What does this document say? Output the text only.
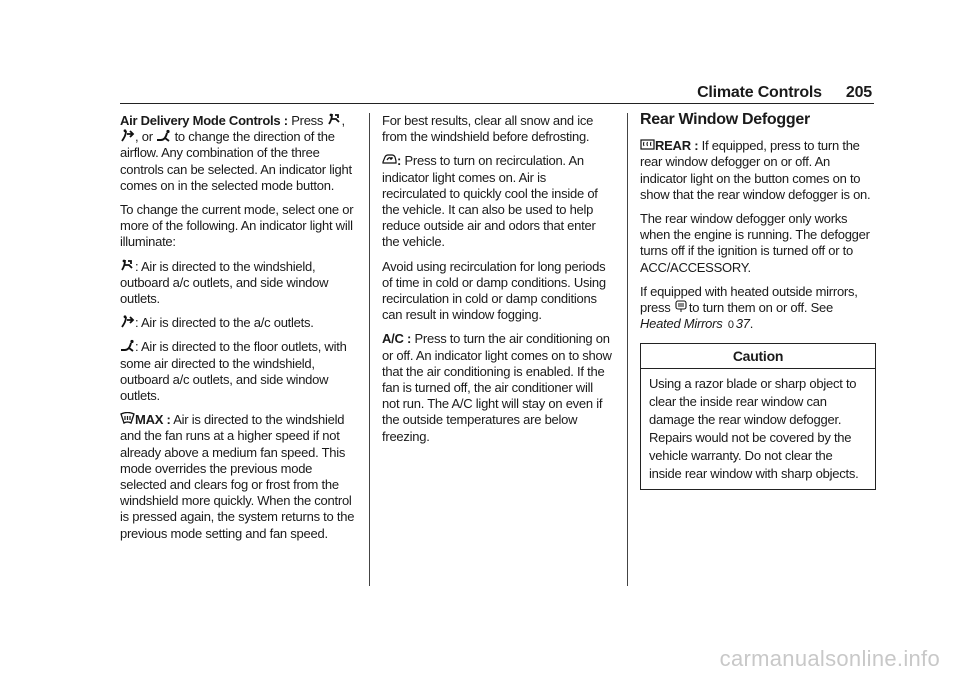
Climate Controls 205

Air Delivery Mode Controls : Press ,
, or to change the direction of the airflow. Any combination of the three controls can be selected. An indicator light comes on in the selected mode button.

To change the current mode, select one or more of the following. An indicator light will illuminate:

: Air is directed to the windshield, outboard a/c outlets, and side window outlets.

: Air is directed to the a/c outlets.

: Air is directed to the floor outlets, with some air directed to the windshield, outboard a/c outlets, and side window outlets.

MAX : Air is directed to the windshield and the fan runs at a higher speed if not already above a medium fan speed. This mode overrides the previous mode selected and clears fog or frost from the windshield more quickly. When the control is pressed again, the system returns to the previous mode setting and fan speed.

For best results, clear all snow and ice from the windshield before defrosting.

: Press to turn on recirculation. An indicator light comes on. Air is recirculated to quickly cool the inside of the vehicle. It can also be used to help reduce outside air and odors that enter the vehicle.

Avoid using recirculation for long periods of time in cold or damp conditions. Using recirculation in cold or damp conditions can result in window fogging.

A/C : Press to turn the air conditioning on or off. An indicator light comes on to show that the air conditioning is enabled. If the fan is turned off, the air conditioner will not run. The A/C light will stay on even if the outside temperatures are below freezing.

Rear Window Defogger

REAR : If equipped, press to turn the rear window defogger on or off. An indicator light on the button comes on to show that the rear window defogger is on.

The rear window defogger only works when the engine is running. The defogger turns off if the ignition is turned off or to ACC/ACCESSORY.

If equipped with heated outside mirrors, press to turn them on or off. See Heated Mirrors 0 37.

Caution
Using a razor blade or sharp object to clear the inside rear window can damage the rear window defogger. Repairs would not be covered by the vehicle warranty. Do not clear the inside rear window with sharp objects.
carmanualsonline.info
